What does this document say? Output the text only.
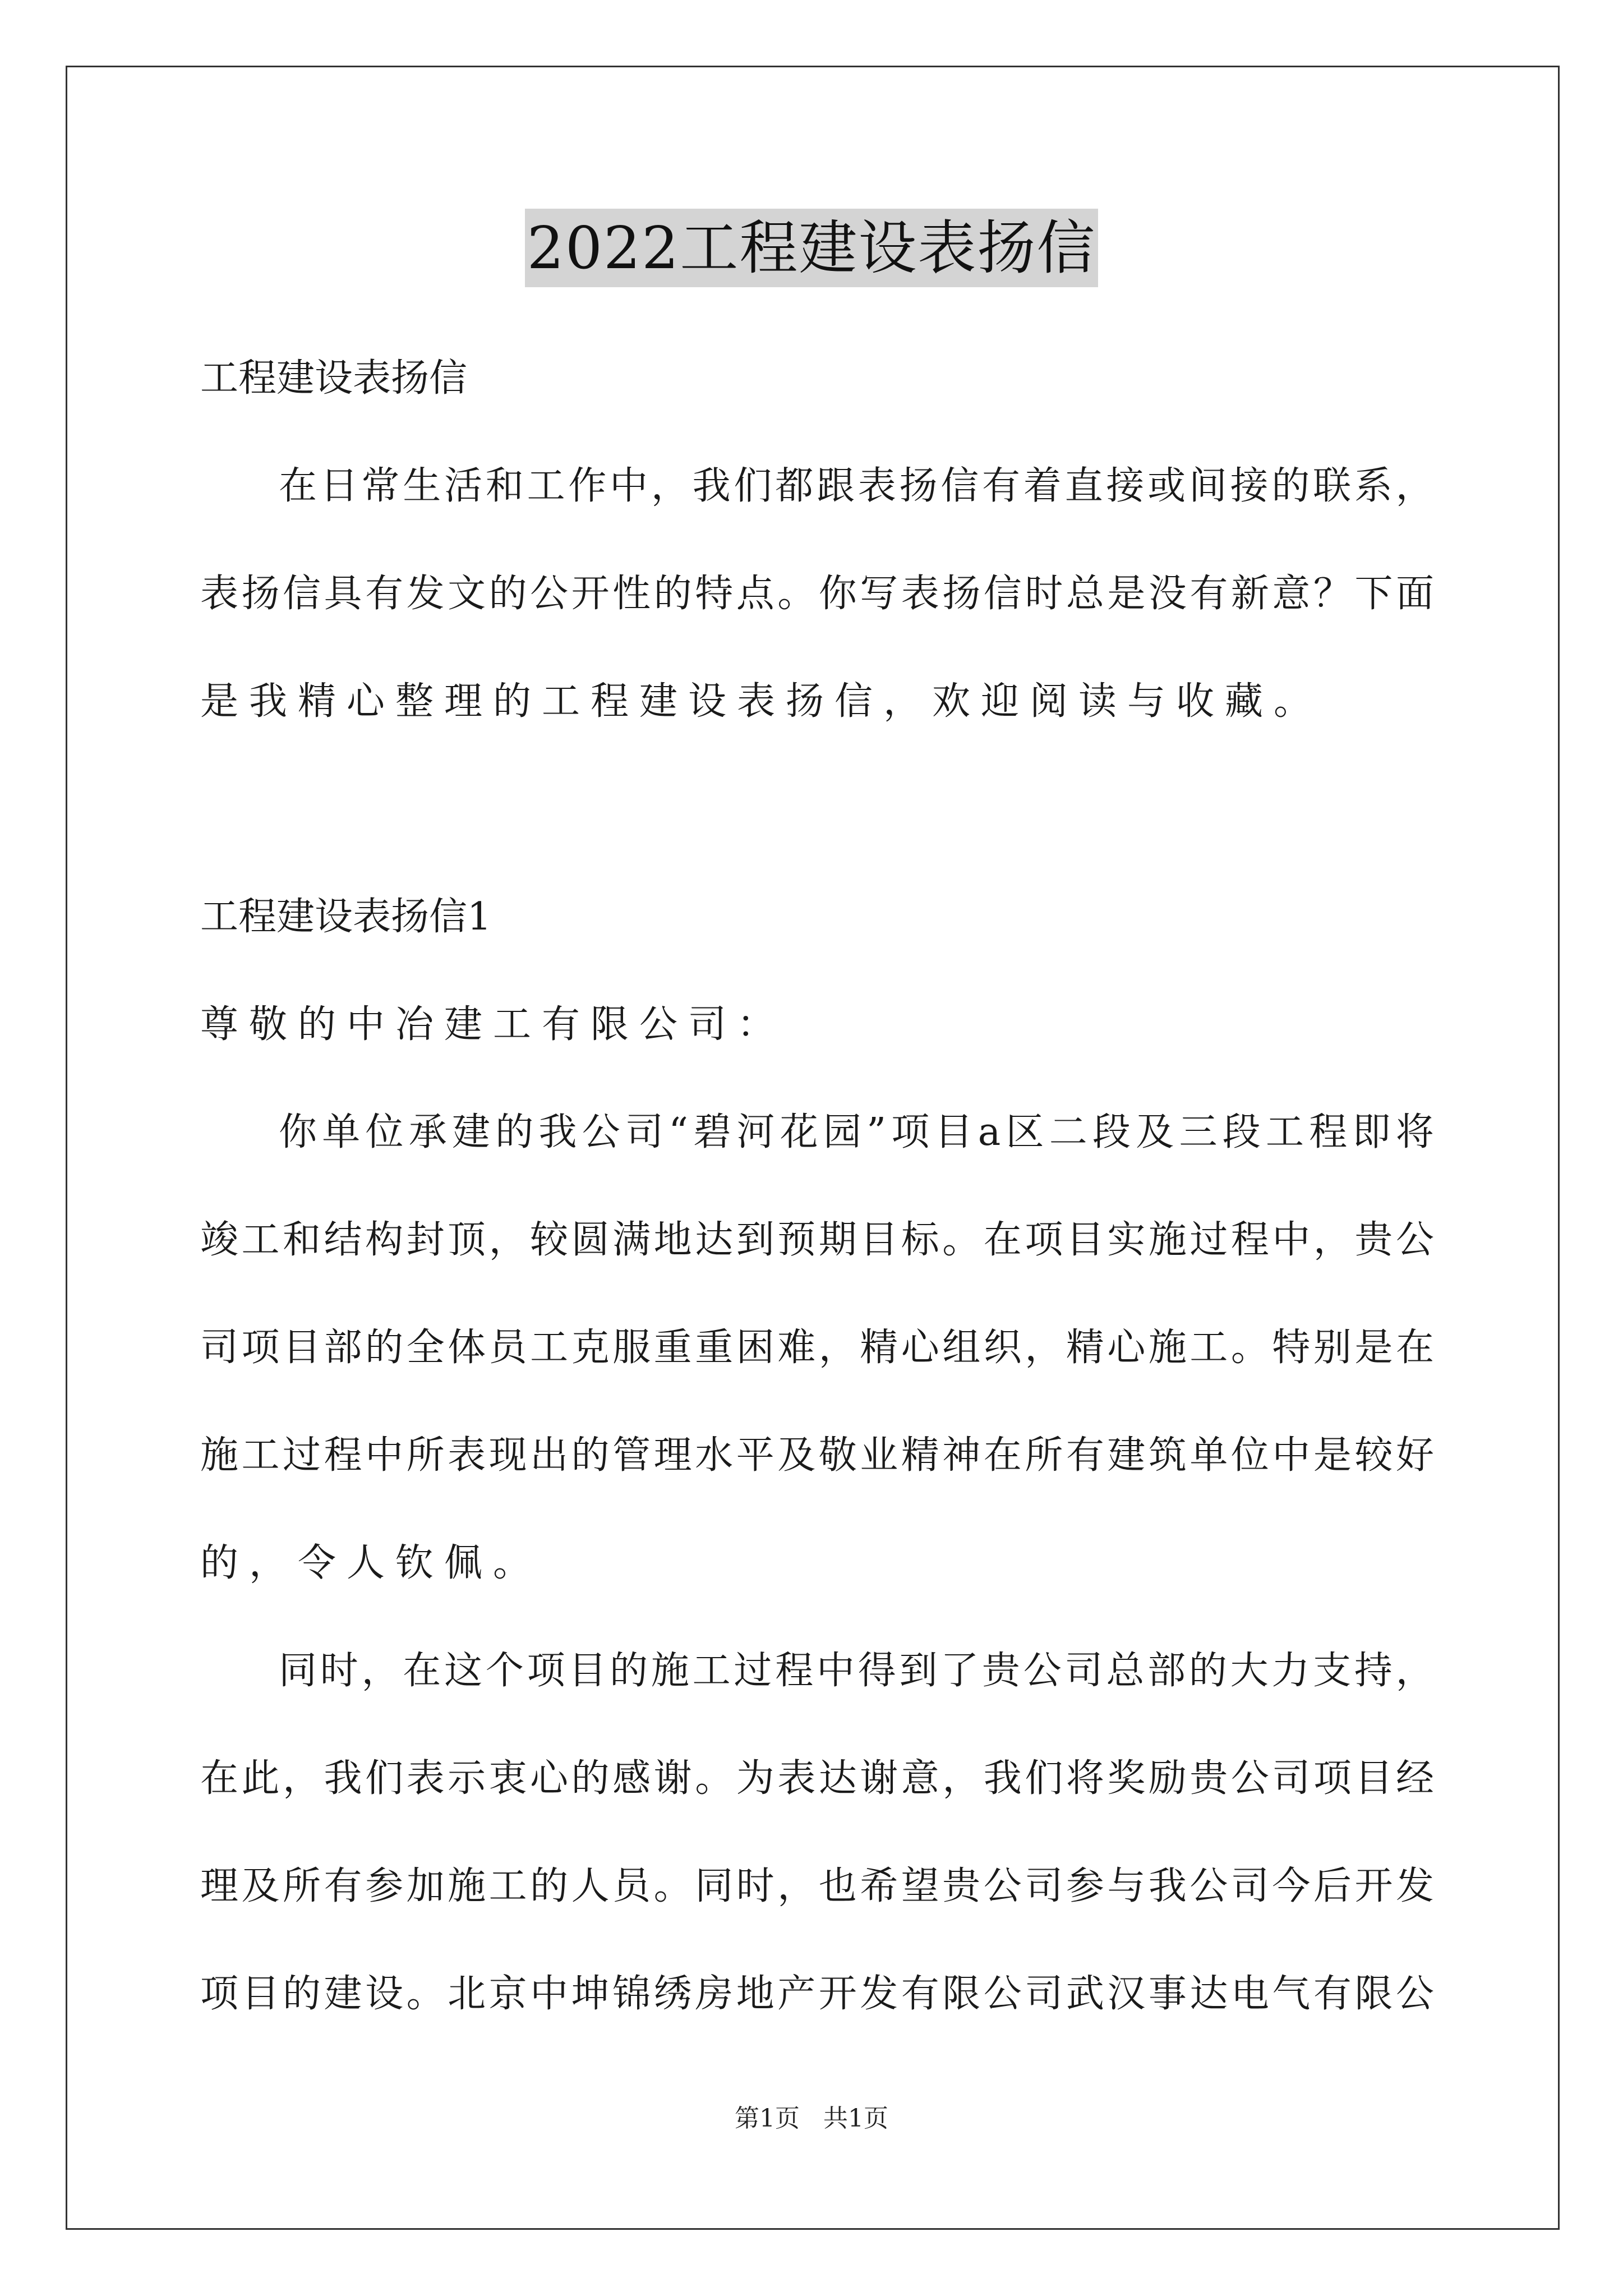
2022工程建设表扬信
工程建设表扬信
在 日 常 生 活 和 工 作 中 ， 我 们 都 跟 表 扬 信 有 着 直 接 或 间 接 的 联 系 ，
表 扬 信 具 有 发 文 的 公 开 性 的 特 点 。 你 写 表 扬 信 时 总 是 没 有 新 意 ？ 下 面
是我精心整理的工程建设表扬信，欢迎阅读与收藏。
工程建设表扬信1
尊敬的中冶建工有限公司：
你 单 位 承 建 的 我 公 司 “ 碧 河 花 园 ” 项 目 a 区 二 段 及 三 段 工 程 即 将
竣 工 和 结 构 封 顶 ， 较 圆 满 地 达 到 预 期 目 标 。 在 项 目 实 施 过 程 中 ， 贵 公
司 项 目 部 的 全 体 员 工 克 服 重 重 困 难 ， 精 心 组 织 ， 精 心 施 工 。 特 别 是 在
施 工 过 程 中 所 表 现 出 的 管 理 水 平 及 敬 业 精 神 在 所 有 建 筑 单 位 中 是 较 好
的，令人钦佩。
同 时 ， 在 这 个 项 目 的 施 工 过 程 中 得 到 了 贵 公 司 总 部 的 大 力 支 持 ，
在 此 ， 我 们 表 示 衷 心 的 感 谢 。 为 表 达 谢 意 ， 我 们 将 奖 励 贵 公 司 项 目 经
理 及 所 有 参 加 施 工 的 人 员 。 同 时 ， 也 希 望 贵 公 司 参 与 我 公 司 今 后 开 发
项 目 的 建 设 。 北 京 中 坤 锦 绣 房 地 产 开 发 有 限 公 司 武 汉 事 达 电 气 有 限 公
第1页   共1页
